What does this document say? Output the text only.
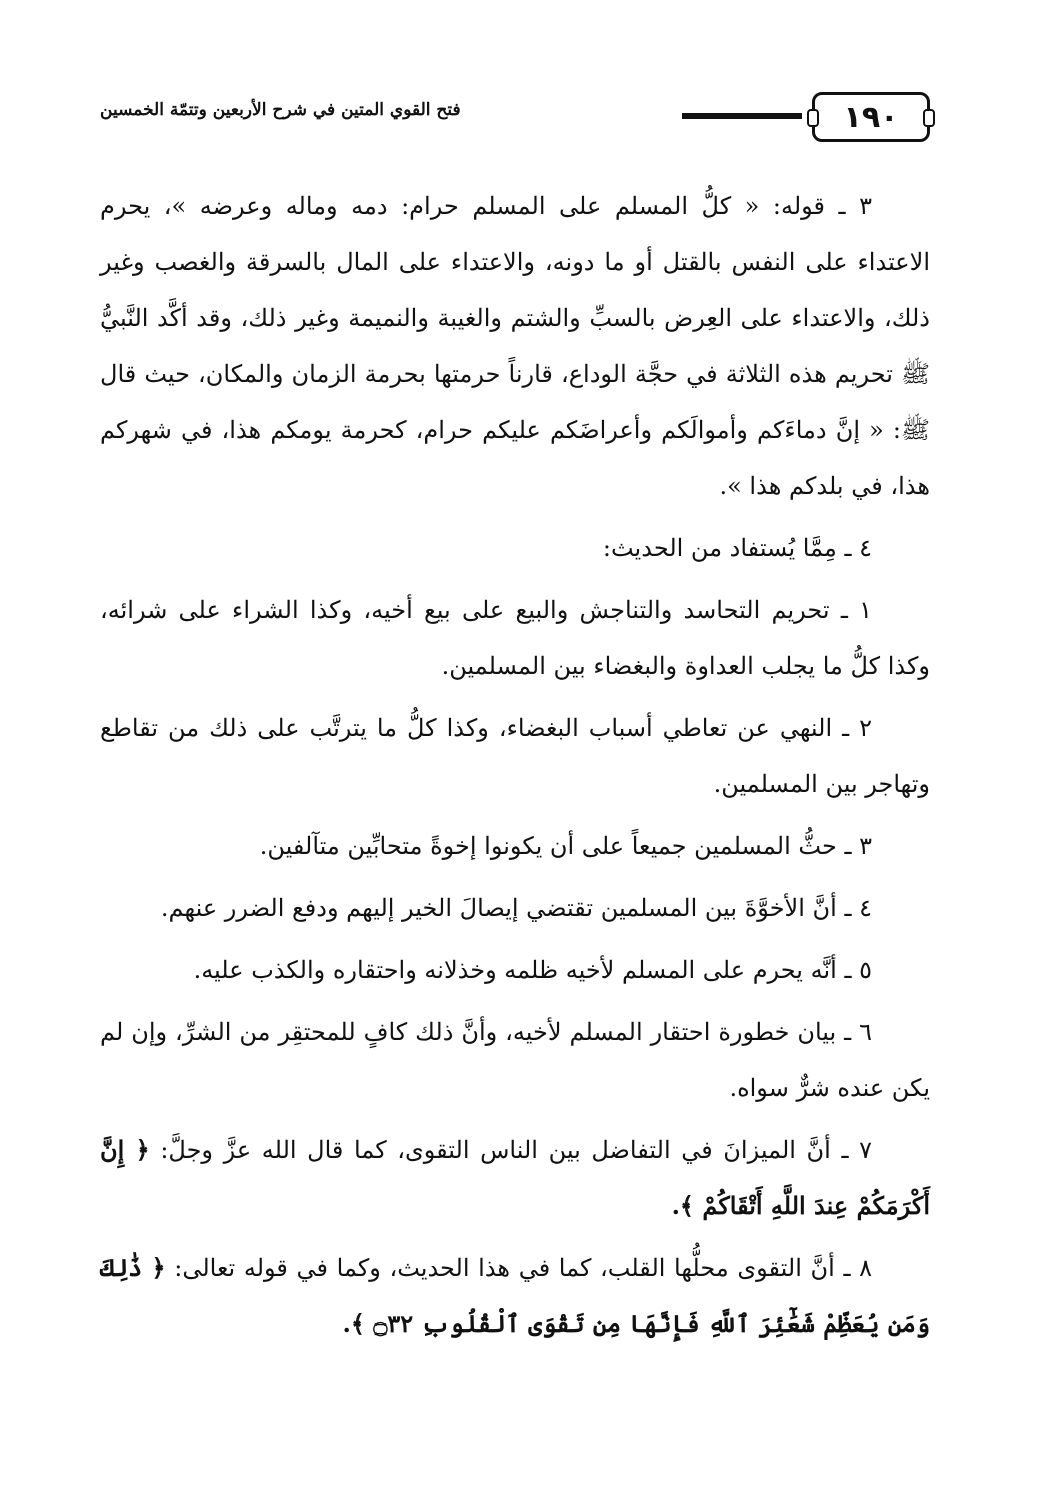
١٩٠
فتح القوي المتين في شرح الأربعين وتتمّة الخمسين

٣ ـ قوله: « كلُّ المسلم على المسلم حرام: دمه وماله وعرضه »، يحرم الاعتداء على النفس بالقتل أو ما دونه، والاعتداء على المال بالسرقة والغصب وغير ذلك، والاعتداء على العِرض بالسبِّ والشتم والغيبة والنميمة وغير ذلك، وقد أكَّد النَّبيُّ ﷺ تحريم هذه الثلاثة في حجَّة الوداع، قارناً حرمتها بحرمة الزمان والمكان، حيث قال ﷺ: « إنَّ دماءَكم وأموالَكم وأعراضَكم عليكم حرام، كحرمة يومكم هذا، في شهركم هذا، في بلدكم هذا ».

٤ ـ مِمَّا يُستفاد من الحديث:

١ ـ تحريم التحاسد والتناجش والبيع على بيع أخيه، وكذا الشراء على شرائه، وكذا كلُّ ما يجلب العداوة والبغضاء بين المسلمين.

٢ ـ النهي عن تعاطي أسباب البغضاء، وكذا كلُّ ما يترتَّب على ذلك من تقاطع وتهاجر بين المسلمين.

٣ ـ حثُّ المسلمين جميعاً على أن يكونوا إخوةً متحابِّين متآلفين.

٤ ـ أنَّ الأخوَّةَ بين المسلمين تقتضي إيصالَ الخير إليهم ودفع الضرر عنهم.

٥ ـ أنَّه يحرم على المسلم لأخيه ظلمه وخذلانه واحتقاره والكذب عليه.

٦ ـ بيان خطورة احتقار المسلم لأخيه، وأنَّ ذلك كافٍ للمحتقِر من الشرِّ، وإن لم يكن عنده شرٌّ سواه.

٧ ـ أنَّ الميزانَ في التفاضل بين الناس التقوى، كما قال الله عزَّ وجلَّ: ﴿ إِنَّ أَكْرَمَكُمْ عِندَ اللَّهِ أَتْقَاكُمْ ﴾.

٨ ـ أنَّ التقوى محلُّها القلب، كما في هذا الحديث، وكما في قوله تعالى: ﴿ ذَٰلِكَ وَمَن يُعَظِّمْ شَعَٰٓئِرَ ٱللَّهِ فَإِنَّهَا مِن تَقْوَى ٱلْقُلُوبِ ۝٣٢ ﴾.
